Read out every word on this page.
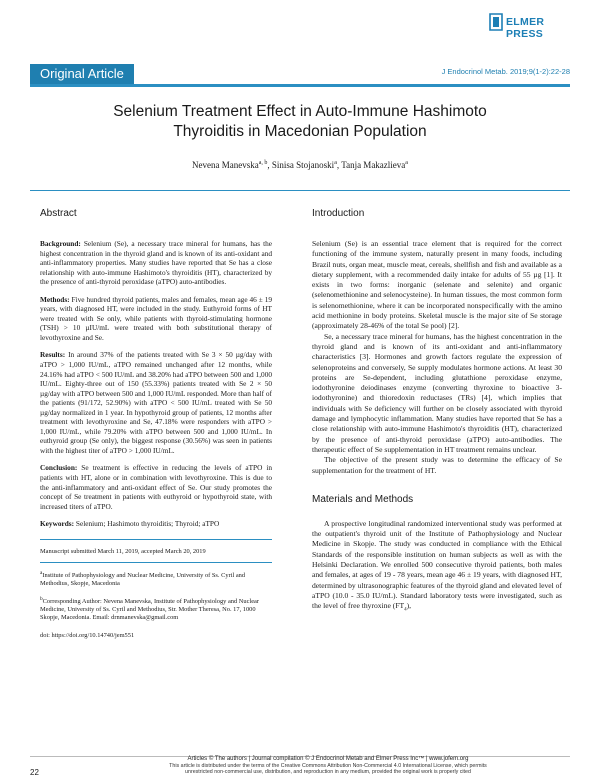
ELMER
PRESS
Original Article	J Endocrinol Metab. 2019;9(1-2):22-28
Selenium Treatment Effect in Auto-Immune Hashimoto
Thyroiditis in Macedonian Population
Nevena Manevska$^{a, b}$, Sinisa Stojanoski$^a$, Tanja Makazlieva$^a$
Abstract

Background: Selenium (Se), a necessary trace mineral for humans, has the highest concentration in the thyroid gland and is known of its anti-oxidant and anti-inflammatory properties. Many studies have reported that Se has a close relationship with auto-immune Hashimoto's thyroiditis (HT), characterized by the presence of anti-thyroid peroxidase (aTPO) auto-antibodies.

Methods: Five hundred thyroid patients, males and females, mean age 46 ± 19 years, with diagnosed HT, were included in the study. Euthyroid forms of HT were treated with Se only, while patients with thyroid-stimulating hormone (TSH) > 10 µIU/mL were treated with both substitutional therapy of levothyroxine and Se.

Results: In around 37% of the patients treated with Se 3 × 50 µg/day with aTPO > 1,000 IU/mL, aTPO remained unchanged after 12 months, while 24.16% had aTPO < 500 IU/mL and 38.20% had aTPO between 500 and 1,000 IU/mL. Eighty-three out of 150 (55.33%) patients treated with Se 2 × 50 µg/day with aTPO between 500 and 1,000 IU/mL responded. More than half of the patients (91/172, 52.90%) with aTPO < 500 IU/mL treated with Se 50 µg/day normalized in 1 year. In hypothyroid group of patients, 12 months after treatment with levothyroxine and Se, 47.18% were responders with aTPO > 1,000 IU/mL, while 79.20% with aTPO between 500 and 1,000 IU/mL. In euthyroid group (Se only), the biggest response (30.56%) was seen in patients with the highest titer of aTPO > 1,000 IU/mL.

Conclusion: Se treatment is effective in reducing the levels of aTPO in patients with HT, alone or in combination with levothyroxine. This is due to the anti-inflammatory and anti-oxidant effect of Se. Our study promotes the concept of Se treatment in patients with euthyroid or hypothyroid state, with increased titers of aTPO.

Keywords: Selenium; Hashimoto thyroiditis; Thyroid; aTPO

Manuscript submitted March 11, 2019, accepted March 20, 2019

$^a$Institute of Pathophysiology and Nuclear Medicine, University of Ss. Cyril and Methodius, Skopje, Macedonia

$^b$Corresponding Author: Nevena Manevska, Institute of Pathophysiology and Nuclear Medicine, University of Ss. Cyril and Methodius, Str. Mother Theresa, No. 17, 1000 Skopje, Macedonia. Email: drnmanevska@gmail.com

doi: https://doi.org/10.14740/jem551
Introduction

Selenium (Se) is an essential trace element that is required for the correct functioning of the immune system, naturally present in many foods, including Brazil nuts, organ meat, muscle meat, cereals, shellfish and fish and available as a dietary supplement, with a recommended daily intake for adults of 55 µg [1]. It exists in two forms: inorganic (selenate and selenite) and organic (selenomethionine and selenocysteine). In human tissues, the most common form is selenomethionine, where it can be incorporated nonspecifically with the amino acid methionine in body proteins. Skeletal muscle is the major site of Se storage (approximately 28-46% of the total Se pool) [2].

Se, a necessary trace mineral for humans, has the highest concentration in the thyroid gland and is known of its anti-oxidant and anti-inflammatory characteristics [3]. Hormones and growth factors regulate the expression of selenoproteins and conversely, Se supply modulates hormone actions. At least 30 proteins are Se-dependent, including glutathione peroxidase enzyme, iodothyronine deiodinases enzyme (converting thyroxine to bioactive 3-iodothyronine) and thioredoxin reductases (TRs) [4], which implies that individuals with Se deficiency will further on be closely associated with thyroid damage and lymphocytic inflammation. Many studies have reported that Se has a close relationship with auto-immune Hashimoto's thyroiditis (HT), characterized by the presence of anti-thyroid peroxidase (aTPO) auto-antibodies. The therapeutic effect of Se supplementation in HT treatment remains unclear.

The objective of the present study was to determine the efficacy of Se supplementation for the treatment of HT.

Materials and Methods

A prospective longitudinal randomized interventional study was performed at the outpatient's thyroid unit of the Institute of Pathophysiology and Nuclear Medicine in Skopje. The study was conducted in compliance with the Ethical Standards of the responsible institution on human subjects as well as with the Helsinki Declaration. We enrolled 500 consecutive thyroid patients, both males and females, at ages of 19 - 78 years, mean age 46 ± 19 years, with diagnosed HT, determined by ultrasonographic features of the thyroid gland and elevated level of aTPO (10.0 - 35.0 IU/mL). Standard laboratory tests were investigated, such as the level of free thyroxine $(FT_4)$,

22
Articles © The authors | Journal compilation © J Endocrinol Metab and Elmer Press Inc™ | www.jofem.org
This article is distributed under the terms of the Creative Commons Attribution Non-Commercial 4.0 International License, which permits
unrestricted non-commercial use, distribution, and reproduction in any medium, provided the original work is properly cited
